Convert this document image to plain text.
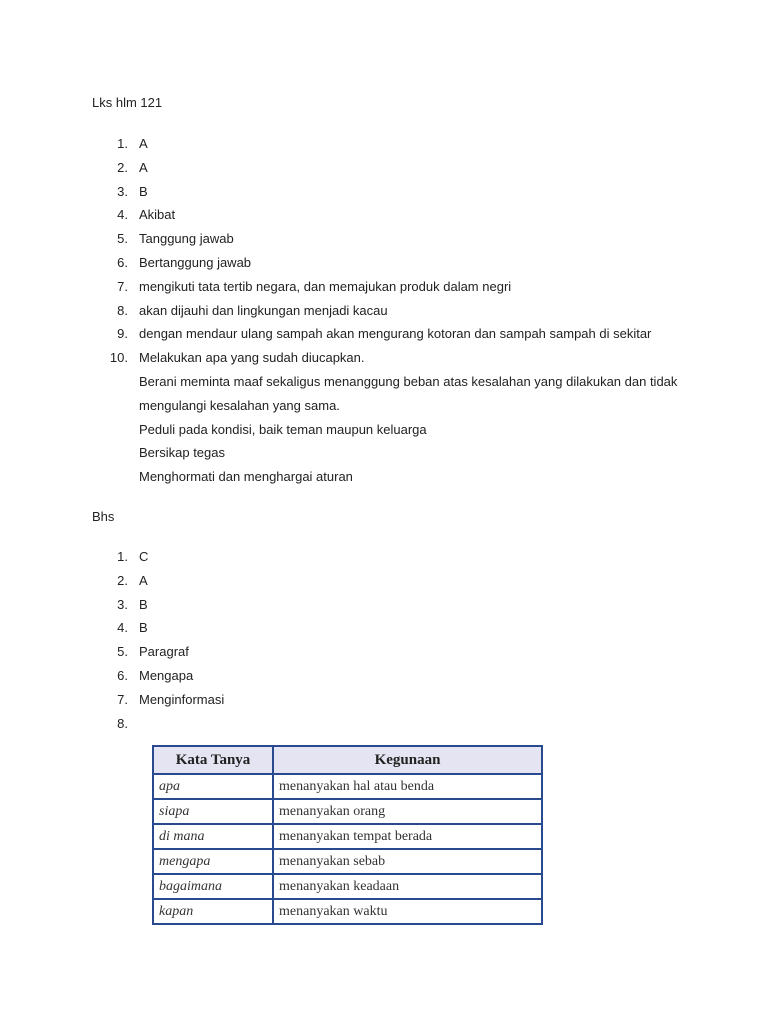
Lks hlm 121
1. A
2. A
3. B
4. Akibat
5. Tanggung jawab
6. Bertanggung jawab
7. mengikuti tata tertib negara, dan memajukan produk dalam negri
8. akan dijauhi dan lingkungan menjadi kacau
9. dengan mendaur ulang sampah akan mengurang kotoran dan sampah sampah di sekitar
10. Melakukan apa yang sudah diucapkan.
Berani meminta maaf sekaligus menanggung beban atas kesalahan yang dilakukan dan tidak
mengulangi kesalahan yang sama.
Peduli pada kondisi, baik teman maupun keluarga
Bersikap tegas
Menghormati dan menghargai aturan
Bhs
1. C
2. A
3. B
4. B
5. Paragraf
6. Mengapa
7. Menginformasi
8.
Kata Tanya	Kegunaan
apa	menanyakan hal atau benda
siapa	menanyakan orang
di mana	menanyakan tempat berada
mengapa	menanyakan sebab
bagaimana	menanyakan keadaan
kapan	menanyakan waktu
